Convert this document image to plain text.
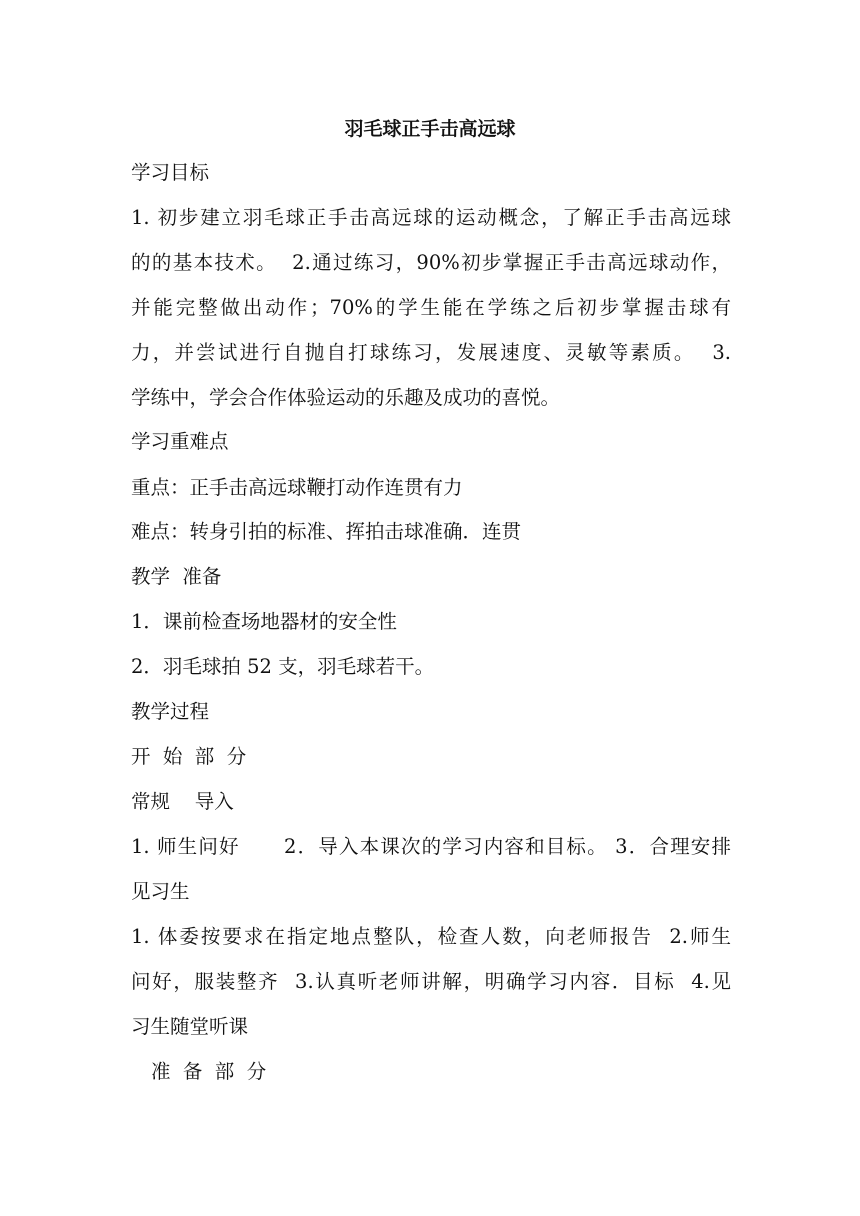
羽毛球正手击高远球
学习目标
1. 初步建立羽毛球正手击高远球的运动概念，了解正手击高远球
的的基本技术。  2.通过练习，90%初步掌握正手击高远球动作，
并能完整做出动作；70%的学生能在学练之后初步掌握击球有
力，并尝试进行自抛自打球练习，发展速度、灵敏等素质。  3.
学练中，学会合作体验运动的乐趣及成功的喜悦。
学习重难点
重点：正手击高远球鞭打动作连贯有力
难点：转身引拍的标准、挥拍击球准确．连贯
教学  准备
1．课前检查场地器材的安全性
2．羽毛球拍 52 支，羽毛球若干。
教学过程
开  始  部  分
常规    导入
1. 师生问好      2．导入本课次的学习内容和目标。 3．合理安排
见习生
1. 体委按要求在指定地点整队，检查人数，向老师报告  2.师生
问好，服装整齐  3.认真听老师讲解，明确学习内容．目标  4.见
习生随堂听课
准  备  部  分
